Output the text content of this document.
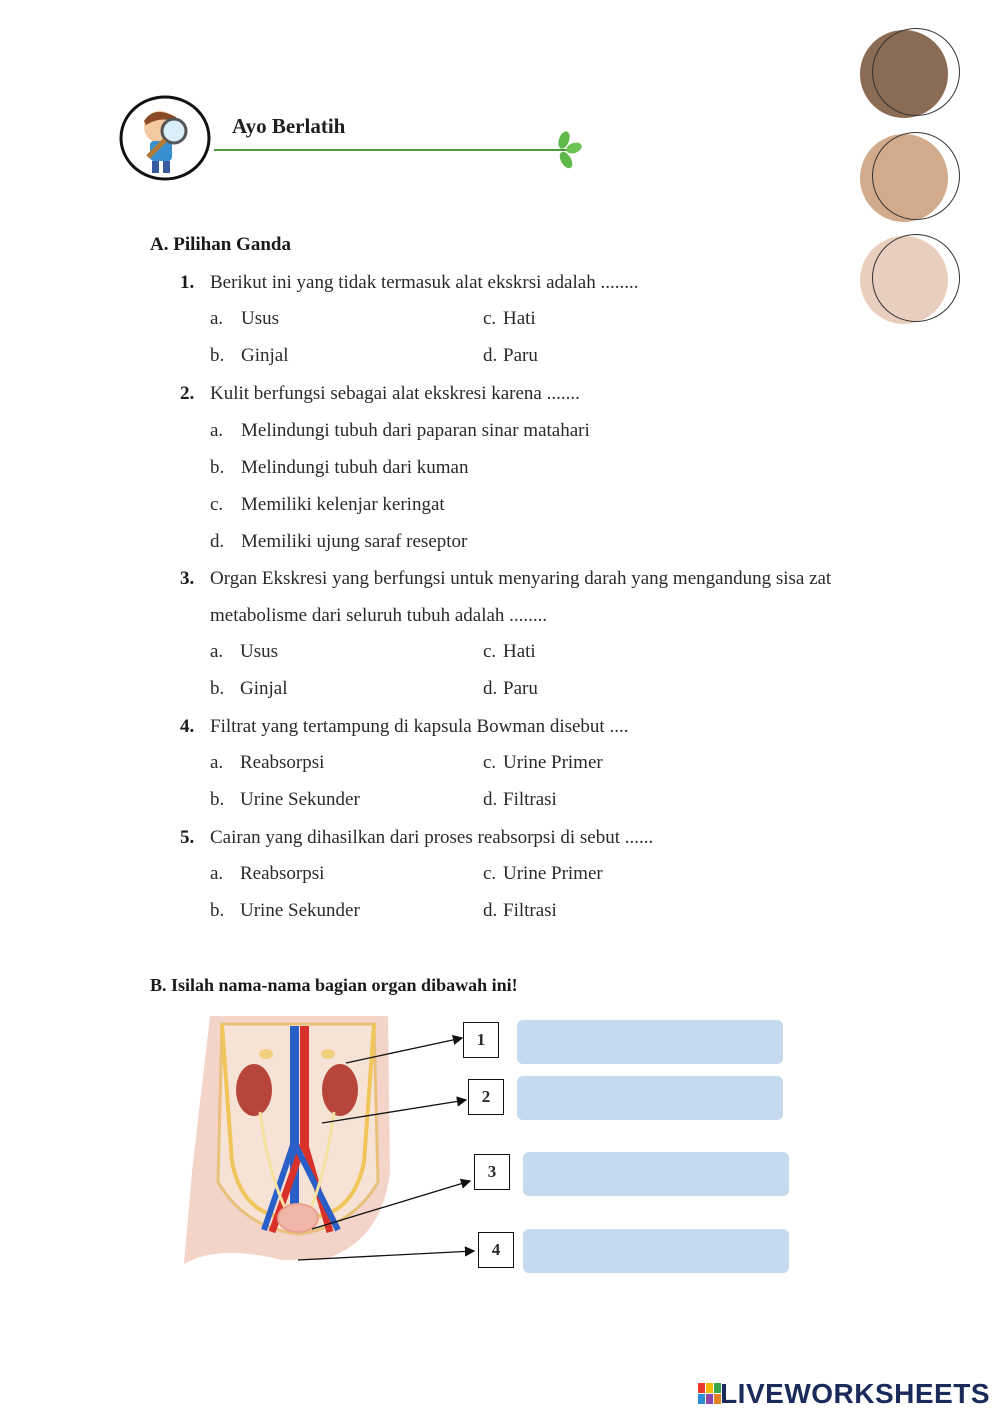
Ayo Berlatih
A. Pilihan Ganda
1. Berikut ini yang tidak termasuk alat ekskrsi adalah ........
a. Usus	c. Hati
b. Ginjal	d. Paru
2. Kulit berfungsi sebagai alat ekskresi karena .......
a. Melindungi tubuh dari paparan sinar matahari
b. Melindungi tubuh dari kuman
c. Memiliki kelenjar keringat
d. Memiliki ujung saraf reseptor
3. Organ Ekskresi yang berfungsi untuk menyaring darah yang mengandung sisa zat
metabolisme dari seluruh tubuh adalah ........
a. Usus	c. Hati
b. Ginjal	d. Paru
4. Filtrat yang tertampung di kapsula Bowman disebut ....
a. Reabsorpsi	c. Urine Primer
b. Urine Sekunder	d. Filtrasi
5. Cairan yang dihasilkan dari proses reabsorpsi di sebut ......
a. Reabsorpsi	c. Urine Primer
b. Urine Sekunder	d. Filtrasi
B. Isilah nama-nama bagian organ dibawah ini!
1
2
3
4
LIVEWORKSHEETS
